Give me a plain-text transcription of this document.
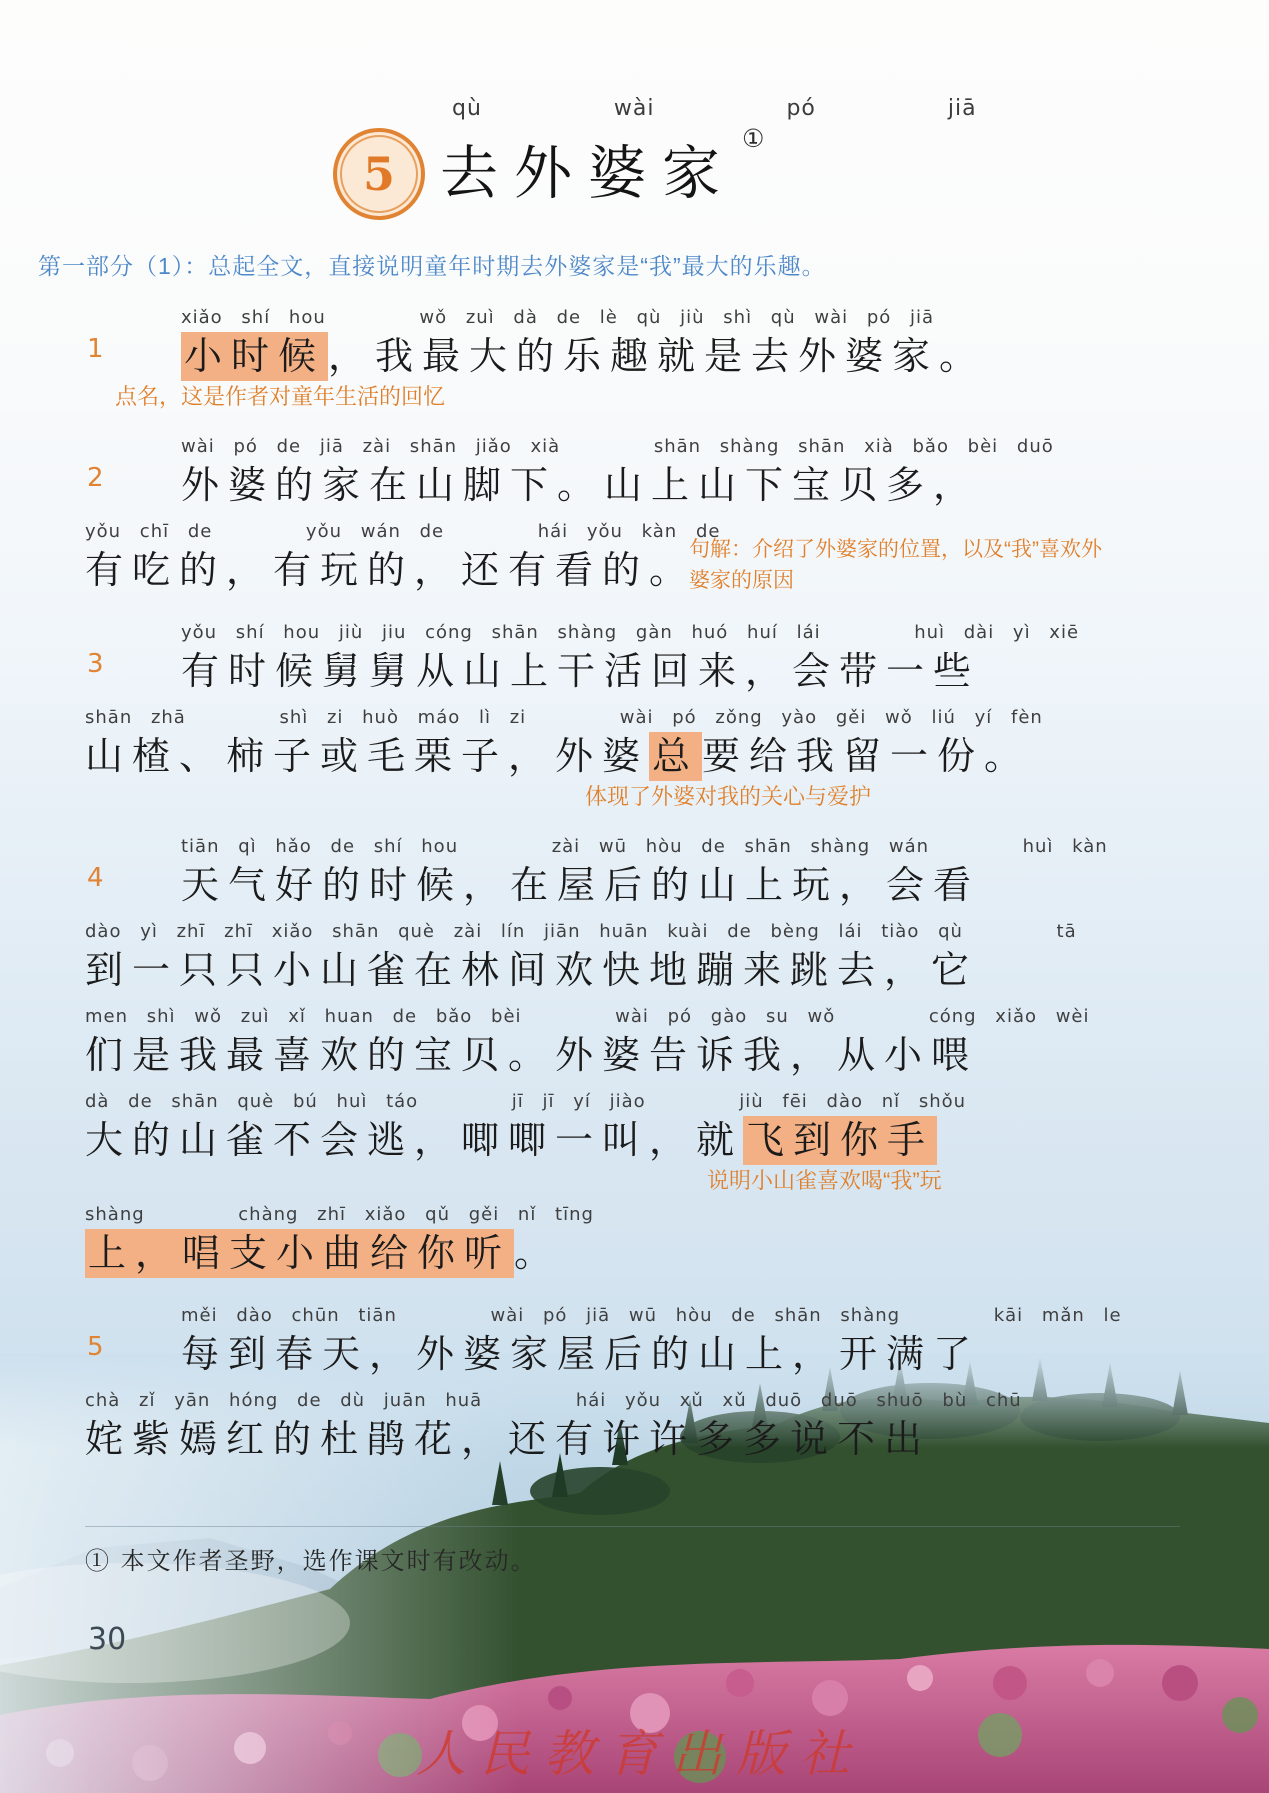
人民教育出版社
5
qù   wài   pó   jiā
去外婆家
①
第一部分（1）：总起全文，直接说明童年时期去外婆家是“我”最大的乐趣。
1
xiǎo shí hou     wǒ zuì dà de lè qù jiù shì qù wài pó jiā
小时候，我最大的乐趣就是去外婆家。
点名，这是作者对童年生活的回忆
2
wài pó de jiā zài shān jiǎo xià     shān shàng shān xià bǎo bèi duō
外婆的家在山脚下。山上山下宝贝多，
yǒu chī de     yǒu wán de     hái yǒu kàn de
有吃的，有玩的，还有看的。
句解：介绍了外婆家的位置，以及“我”喜欢外婆家的原因
3
yǒu shí hou jiù jiu cóng shān shàng gàn huó huí lái     huì dài yì xiē
有时候舅舅从山上干活回来，会带一些
shān zhā     shì zi huò máo lì zi     wài pó zǒng yào gěi wǒ liú yí fèn
山楂、柿子或毛栗子，外婆总要给我留一份。
体现了外婆对我的关心与爱护
4
tiān qì hǎo de shí hou     zài wū hòu de shān shàng wán     huì kàn
天气好的时候，在屋后的山上玩，会看
dào yì zhī zhī xiǎo shān què zài lín jiān huān kuài de bèng lái tiào qù     tā
到一只只小山雀在林间欢快地蹦来跳去，它
men shì wǒ zuì xǐ huan de bǎo bèi     wài pó gào su wǒ     cóng xiǎo wèi
们是我最喜欢的宝贝。外婆告诉我，从小喂
dà de shān què bú huì táo     jī jī yí jiào     jiù fēi dào nǐ shǒu
大的山雀不会逃，唧唧一叫，就飞到你手
说明小山雀喜欢喝“我”玩
shàng     chàng zhī xiǎo qǔ gěi nǐ tīng
上，唱支小曲给你听。
5
měi dào chūn tiān     wài pó jiā wū hòu de shān shàng     kāi mǎn le
每到春天，外婆家屋后的山上，开满了
chà zǐ yān hóng de dù juān huā     hái yǒu xǔ xǔ duō duō shuō bù chū
姹紫嫣红的杜鹃花，还有许许多多说不出
① 本文作者圣野，选作课文时有改动。
30
